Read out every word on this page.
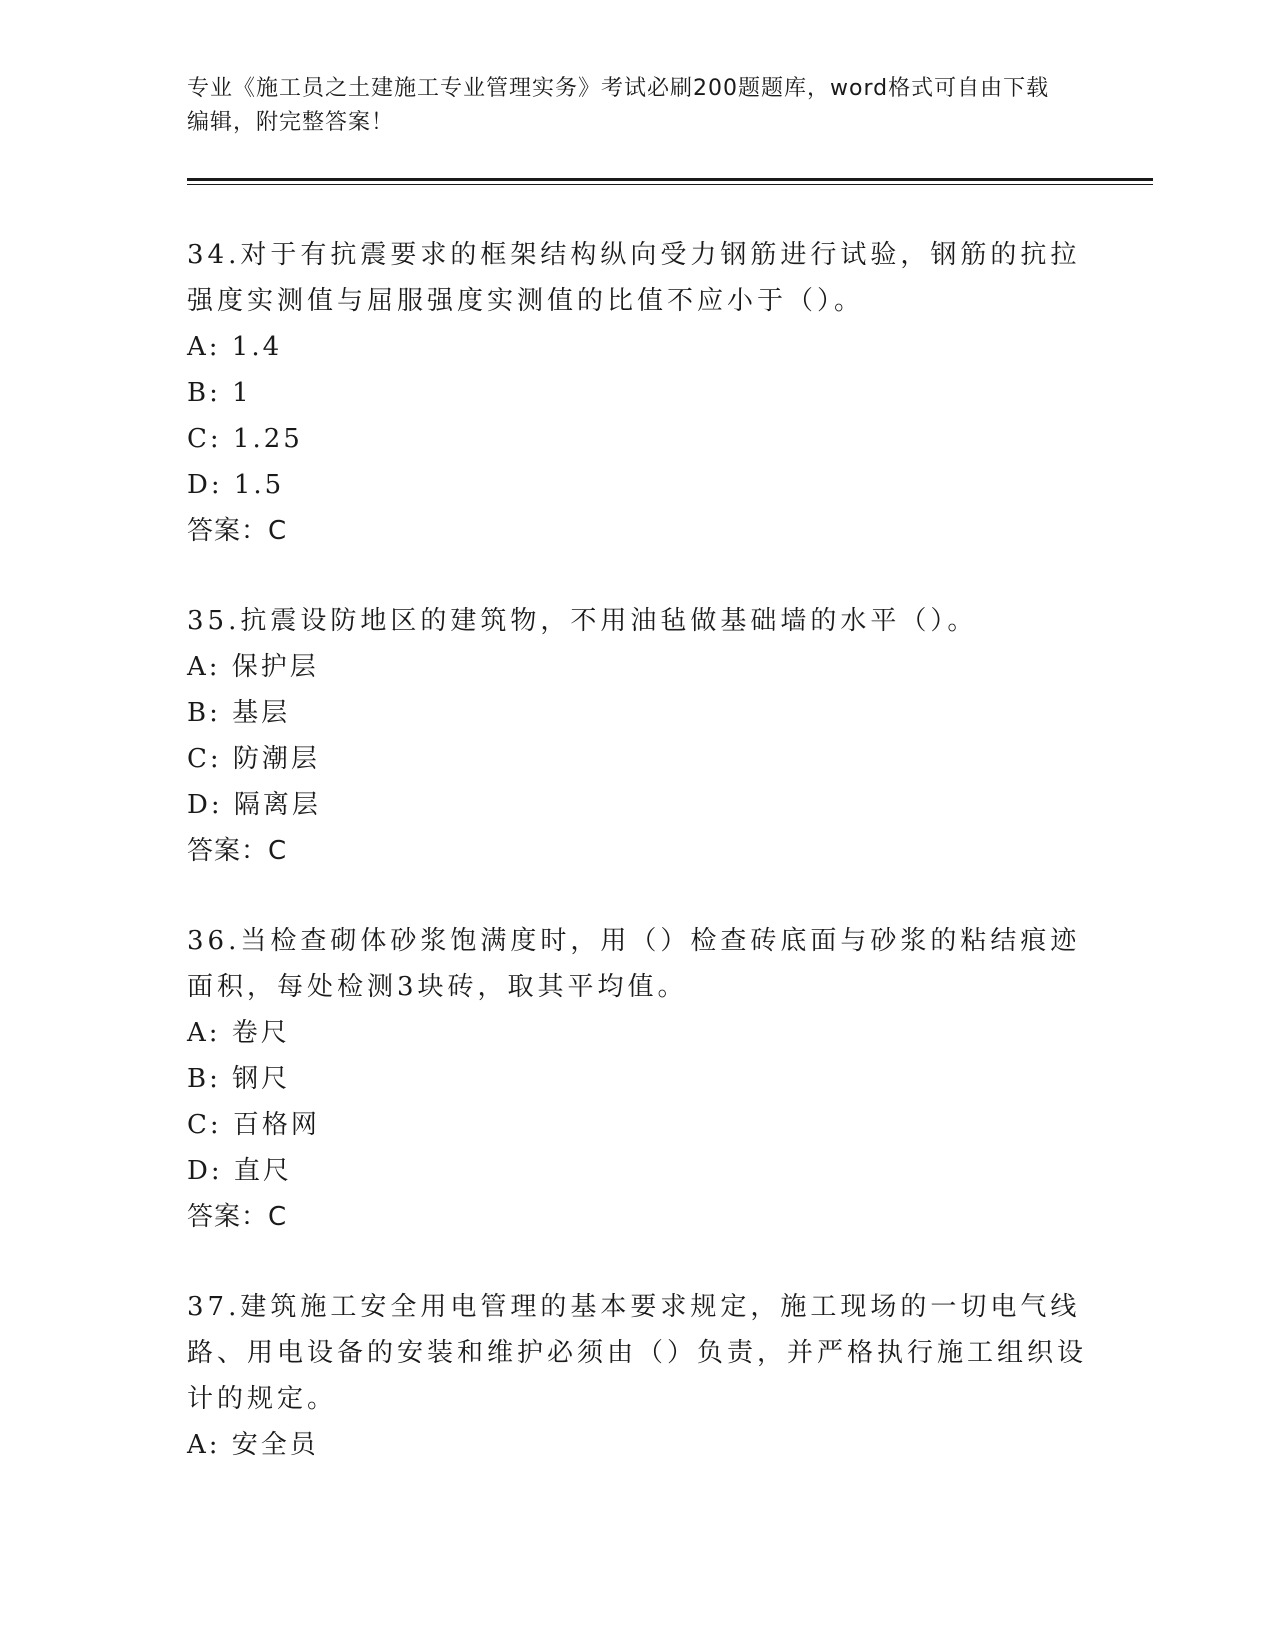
专业《施工员之土建施工专业管理实务》考试必刷200题题库，word格式可自由下载编辑，附完整答案！

34.对于有抗震要求的框架结构纵向受力钢筋进行试验，钢筋的抗拉强度实测值与屈服强度实测值的比值不应小于（）。

A: 1.4

B: 1

C: 1.25

D: 1.5

答案：C

35.抗震设防地区的建筑物，不用油毡做基础墙的水平（）。

A: 保护层

B: 基层

C: 防潮层

D: 隔离层

答案：C

36.当检查砌体砂浆饱满度时，用（）检查砖底面与砂浆的粘结痕迹面积，每处检测3块砖，取其平均值。

A: 卷尺

B: 钢尺

C: 百格网

D: 直尺

答案：C

37.建筑施工安全用电管理的基本要求规定，施工现场的一切电气线路、用电设备的安装和维护必须由（）负责，并严格执行施工组织设计的规定。

A: 安全员
